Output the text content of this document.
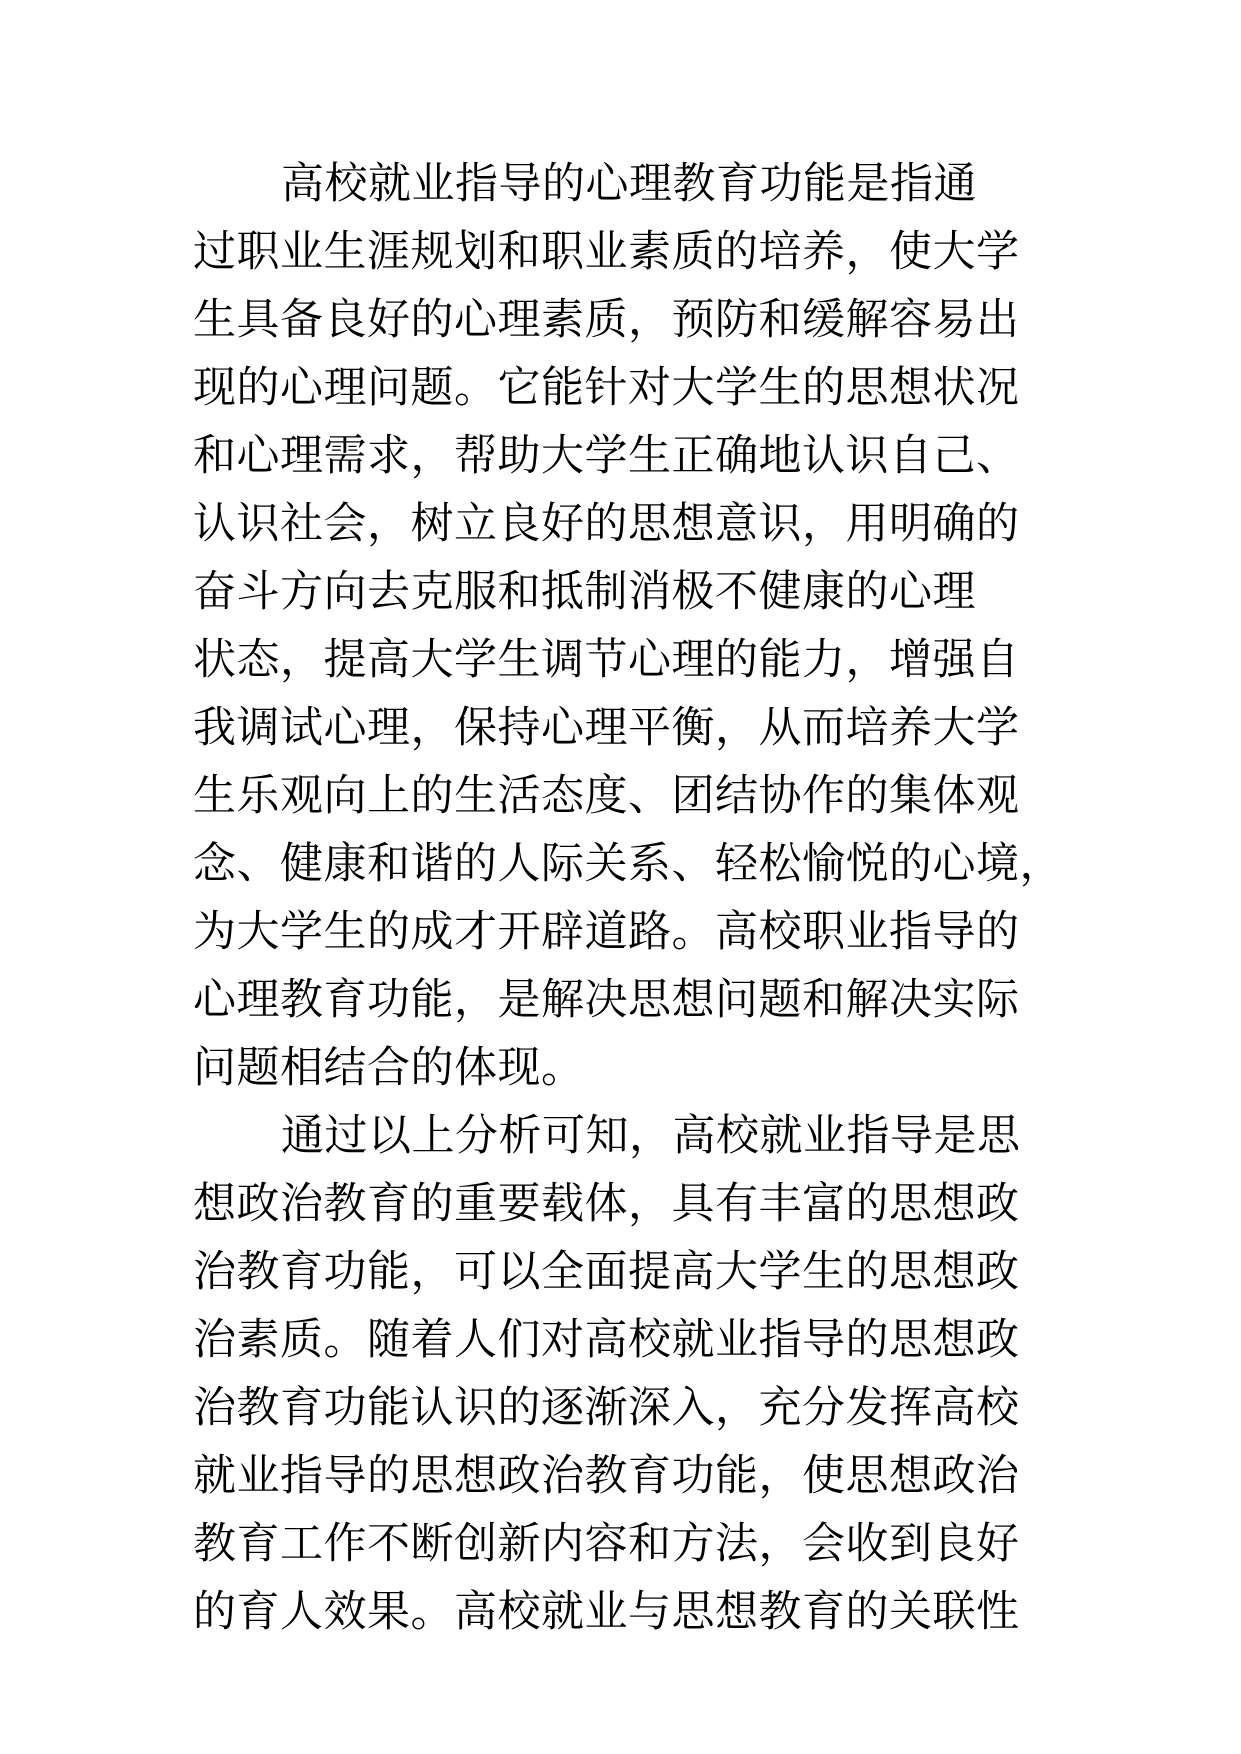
高校就业指导的心理教育功能是指通
过职业生涯规划和职业素质的培养，使大学
生具备良好的心理素质，预防和缓解容易出
现的心理问题。它能针对大学生的思想状况
和心理需求，帮助大学生正确地认识自己、
认识社会，树立良好的思想意识，用明确的
奋斗方向去克服和抵制消极不健康的心理
状态，提高大学生调节心理的能力，增强自
我调试心理，保持心理平衡，从而培养大学
生乐观向上的生活态度、团结协作的集体观
念、健康和谐的人际关系、轻松愉悦的心境，
为大学生的成才开辟道路。高校职业指导的
心理教育功能，是解决思想问题和解决实际
问题相结合的体现。
通过以上分析可知，高校就业指导是思
想政治教育的重要载体，具有丰富的思想政
治教育功能，可以全面提高大学生的思想政
治素质。随着人们对高校就业指导的思想政
治教育功能认识的逐渐深入，充分发挥高校
就业指导的思想政治教育功能，使思想政治
教育工作不断创新内容和方法，会收到良好
的育人效果。高校就业与思想教育的关联性
